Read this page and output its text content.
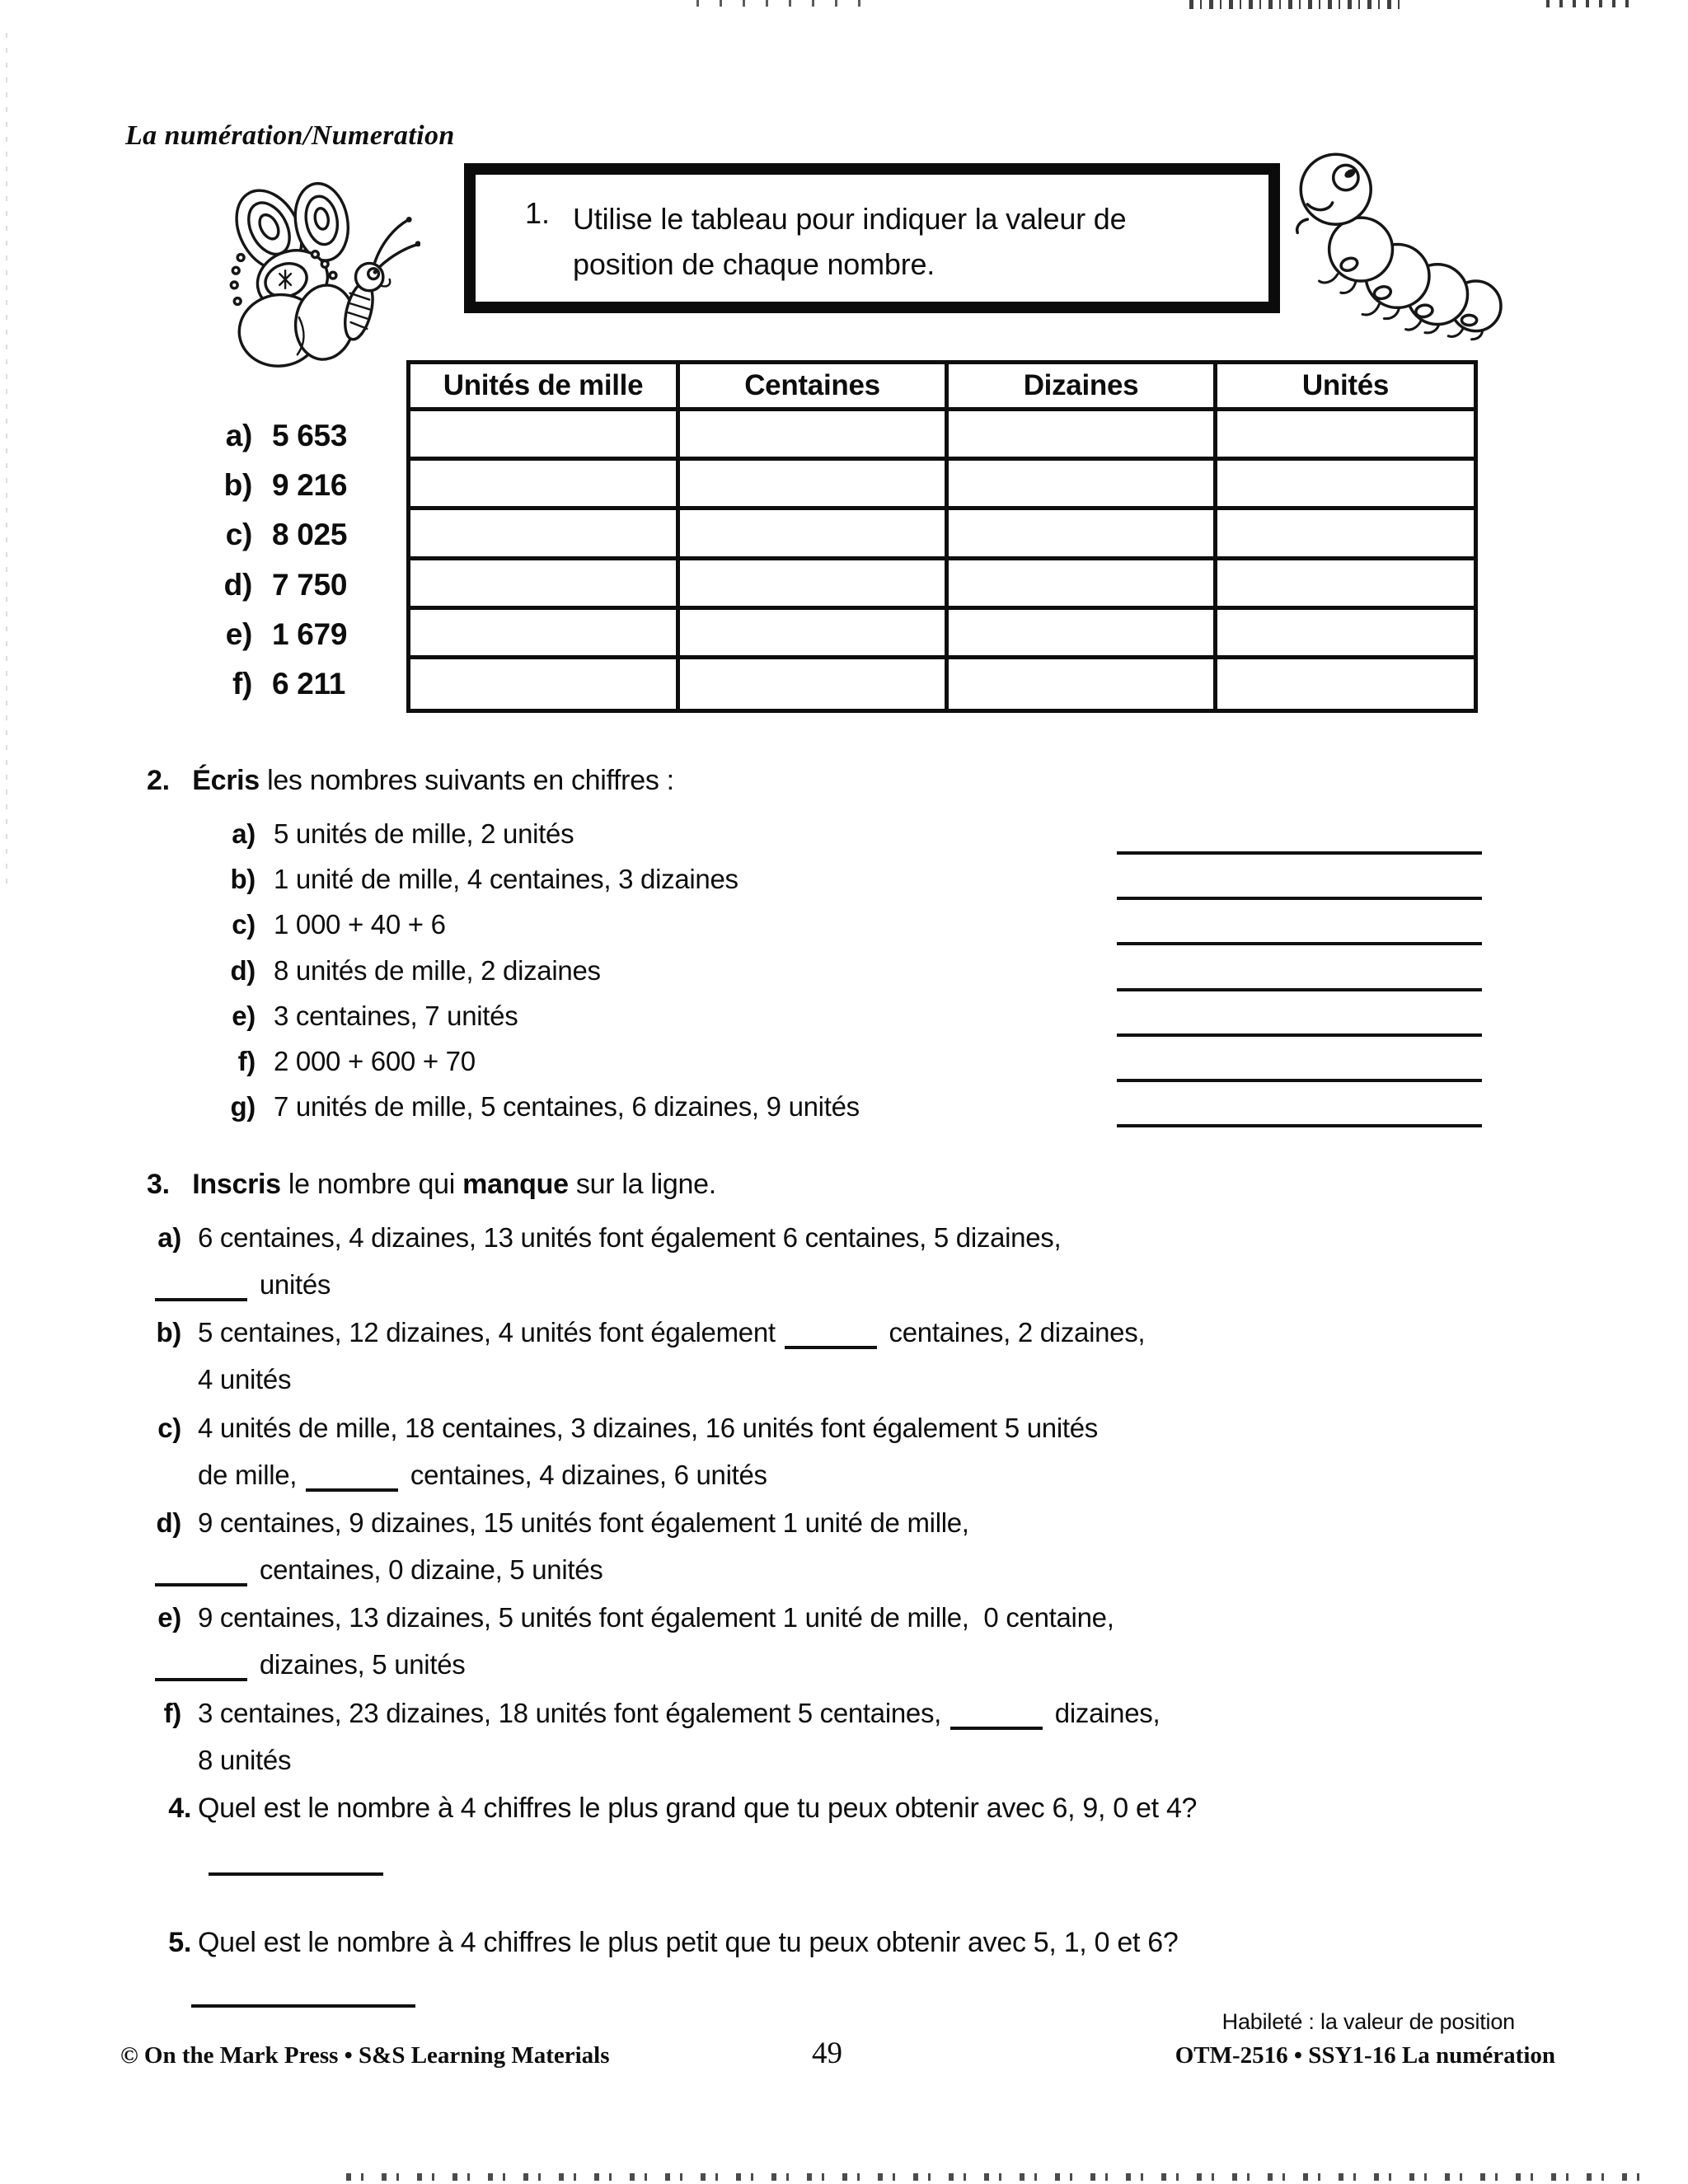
La numération/Numeration
1. Utilise le tableau pour indiquer la valeur de position de chaque nombre.
a) 5 653
b) 9 216
c) 8 025
d) 7 750
e) 1 679
f) 6 211
Unités de mille	Centaines	Dizaines	Unités
2. Écris les nombres suivants en chiffres :
a) 5 unités de mille, 2 unités
b) 1 unité de mille, 4 centaines, 3 dizaines
c) 1 000 + 40 + 6
d) 8 unités de mille, 2 dizaines
e) 3 centaines, 7 unités
f) 2 000 + 600 + 70
g) 7 unités de mille, 5 centaines, 6 dizaines, 9 unités
3. Inscris le nombre qui manque sur la ligne.
a) 6 centaines, 4 dizaines, 13 unités font également 6 centaines, 5 dizaines,
unités
b) 5 centaines, 12 dizaines, 4 unités font également	centaines, 2 dizaines,
4 unités
c) 4 unités de mille, 18 centaines, 3 dizaines, 16 unités font également 5 unités
de mille,	centaines, 4 dizaines, 6 unités
d) 9 centaines, 9 dizaines, 15 unités font également 1 unité de mille,
centaines, 0 dizaine, 5 unités
e) 9 centaines, 13 dizaines, 5 unités font également 1 unité de mille,  0 centaine,
dizaines, 5 unités
f) 3 centaines, 23 dizaines, 18 unités font également 5 centaines,	dizaines,
8 unités
4. Quel est le nombre à 4 chiffres le plus grand que tu peux obtenir avec 6, 9, 0 et 4?
5. Quel est le nombre à 4 chiffres le plus petit que tu peux obtenir avec 5, 1, 0 et 6?
Habileté : la valeur de position
© On the Mark Press • S&S Learning Materials	49	OTM-2516 • SSY1-16 La numération
